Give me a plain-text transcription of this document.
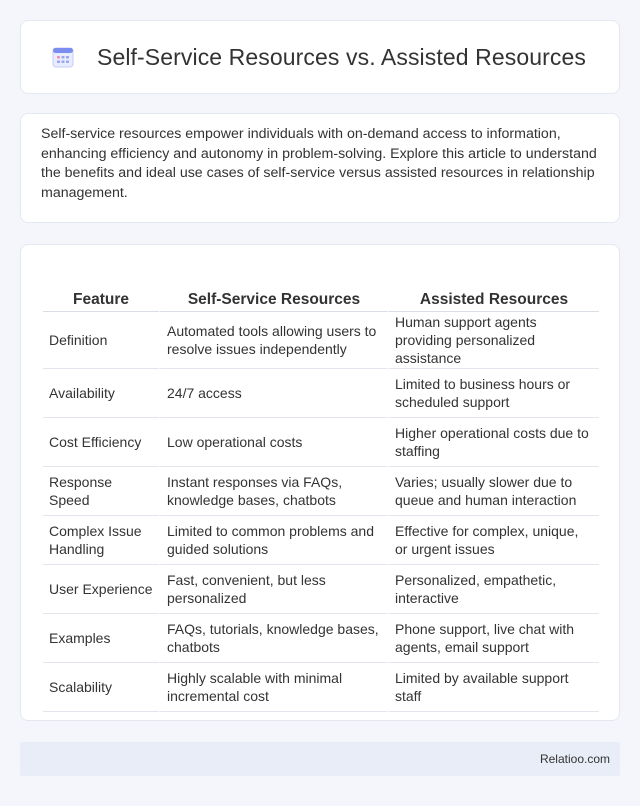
Self-Service Resources vs. Assisted Resources

Self-service resources empower individuals with on-demand access to information, enhancing efficiency and autonomy in problem-solving. Explore this article to understand the benefits and ideal use cases of self-service versus assisted resources in relationship management.

Feature	Self-Service Resources	Assisted Resources
Definition	Automated tools allowing users to resolve issues independently	Human support agents providing personalized assistance
Availability	24/7 access	Limited to business hours or scheduled support
Cost Efficiency	Low operational costs	Higher operational costs due to staffing
Response Speed	Instant responses via FAQs, knowledge bases, chatbots	Varies; usually slower due to queue and human interaction
Complex Issue Handling	Limited to common problems and guided solutions	Effective for complex, unique, or urgent issues
User Experience	Fast, convenient, but less personalized	Personalized, empathetic, interactive
Examples	FAQs, tutorials, knowledge bases, chatbots	Phone support, live chat with agents, email support
Scalability	Highly scalable with minimal incremental cost	Limited by available support staff
Relatioo.com
